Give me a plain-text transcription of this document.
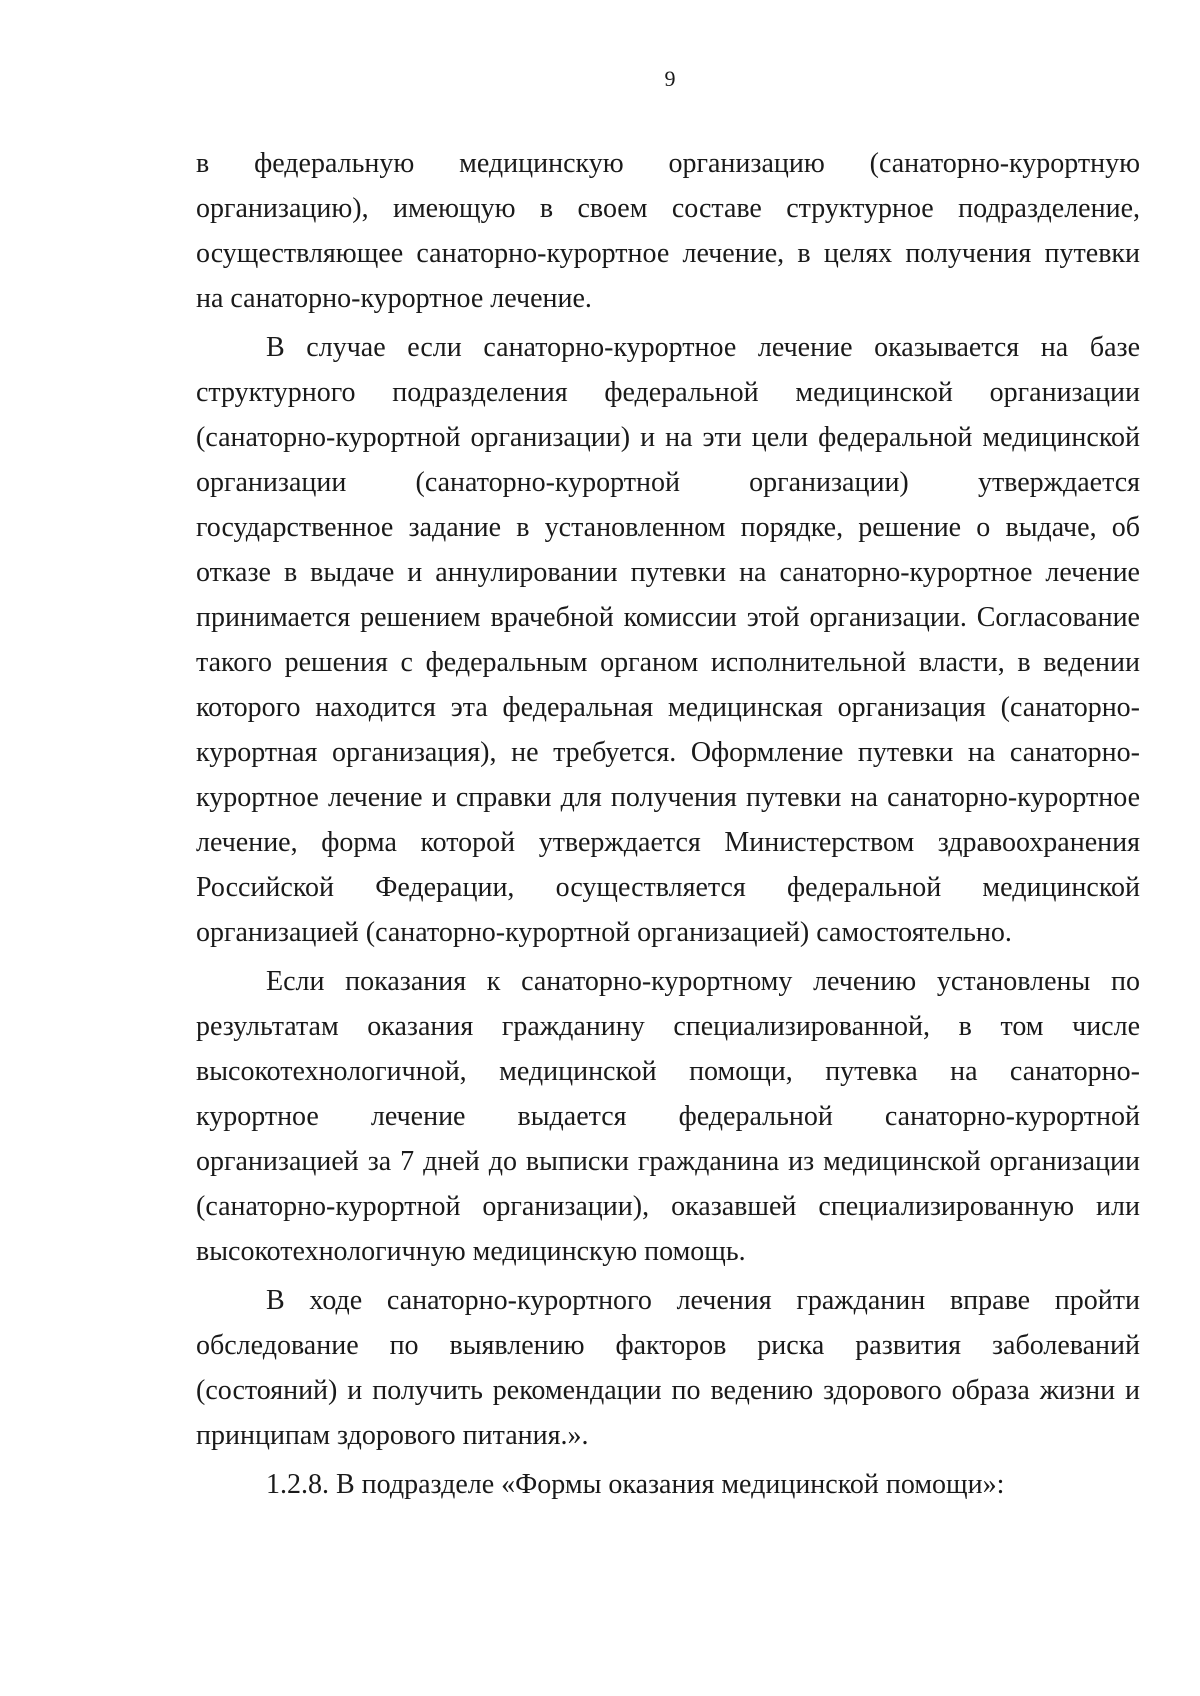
9
в федеральную медицинскую организацию (санаторно-курортную
организацию), имеющую в своем составе структурное подразделение,
осуществляющее санаторно-курортное лечение, в целях получения путевки
на санаторно-курортное лечение.
В случае если санаторно-курортное лечение оказывается на базе
структурного подразделения федеральной медицинской организации
(санаторно-курортной организации) и на эти цели федеральной медицинской
организации (санаторно-курортной организации) утверждается
государственное задание в установленном порядке, решение о выдаче, об
отказе в выдаче и аннулировании путевки на санаторно-курортное лечение
принимается решением врачебной комиссии этой организации. Согласование
такого решения с федеральным органом исполнительной власти, в ведении
которого находится эта федеральная медицинская организация (санаторно-
курортная организация), не требуется. Оформление путевки на санаторно-
курортное лечение и справки для получения путевки на санаторно-курортное
лечение, форма которой утверждается Министерством здравоохранения
Российской Федерации, осуществляется федеральной медицинской
организацией (санаторно-курортной организацией) самостоятельно.
Если показания к санаторно-курортному лечению установлены по
результатам оказания гражданину специализированной, в том числе
высокотехнологичной, медицинской помощи, путевка на санаторно-
курортное лечение выдается федеральной санаторно-курортной
организацией за 7 дней до выписки гражданина из медицинской организации
(санаторно-курортной организации), оказавшей специализированную или
высокотехнологичную медицинскую помощь.
В ходе санаторно-курортного лечения гражданин вправе пройти
обследование по выявлению факторов риска развития заболеваний
(состояний) и получить рекомендации по ведению здорового образа жизни и
принципам здорового питания.».
1.2.8. В подразделе «Формы оказания медицинской помощи»:
